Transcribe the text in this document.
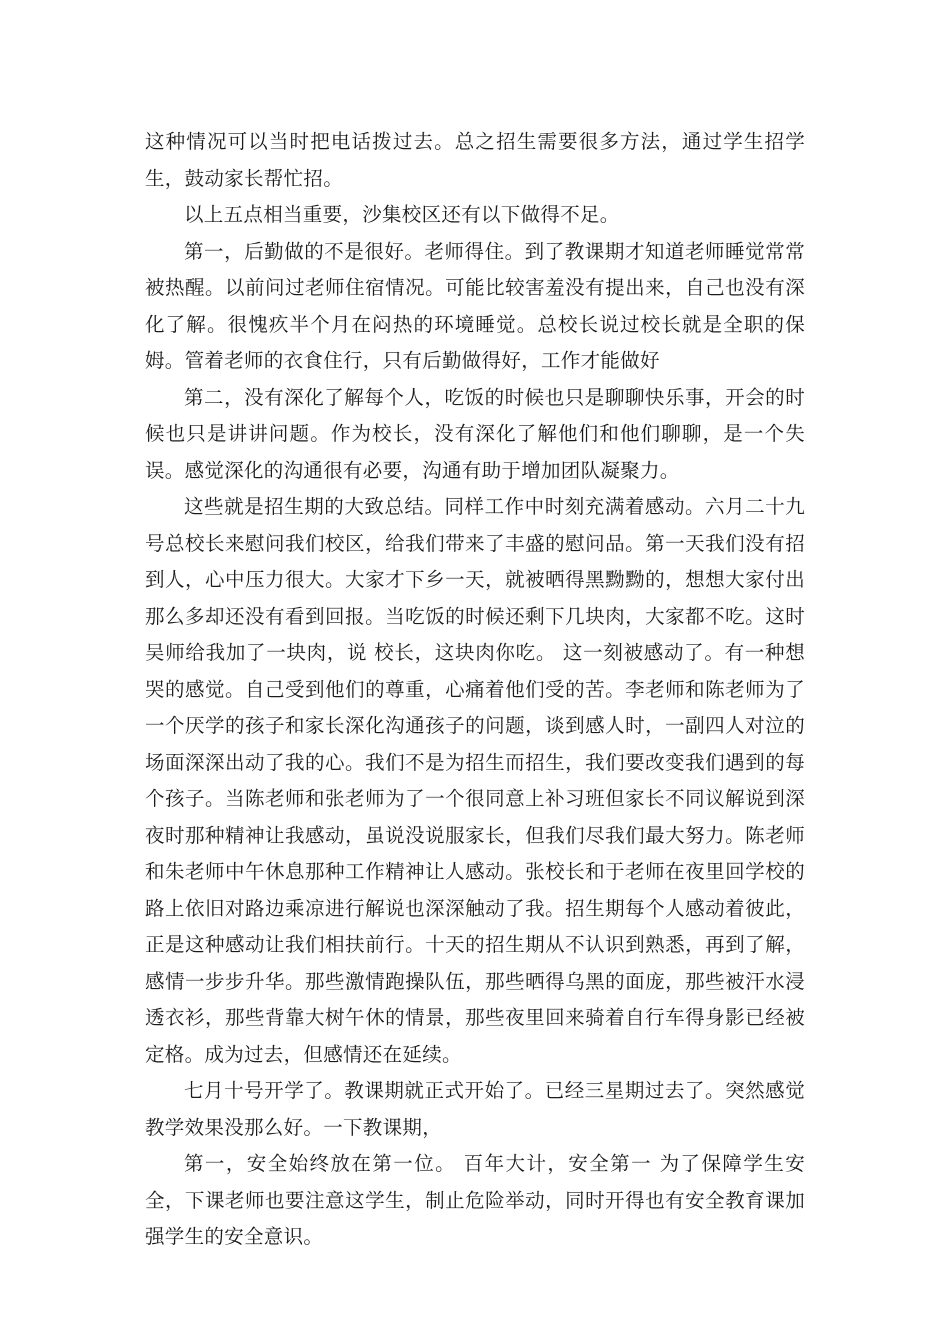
这种情况可以当时把电话拨过去。总之招生需要很多方法，通过学生招学生，鼓动家长帮忙招。

以上五点相当重要，沙集校区还有以下做得不足。

第一，后勤做的不是很好。老师得住。到了教课期才知道老师睡觉常常被热醒。以前问过老师住宿情况。可能比较害羞没有提出来，自己也没有深化了解。很愧疚半个月在闷热的环境睡觉。总校长说过校长就是全职的保姆。管着老师的衣食住行，只有后勤做得好，工作才能做好

第二，没有深化了解每个人，吃饭的时候也只是聊聊快乐事，开会的时候也只是讲讲问题。作为校长，没有深化了解他们和他们聊聊，是一个失误。感觉深化的沟通很有必要，沟通有助于增加团队凝聚力。

这些就是招生期的大致总结。同样工作中时刻充满着感动。六月二十九号总校长来慰问我们校区，给我们带来了丰盛的慰问品。第一天我们没有招到人，心中压力很大。大家才下乡一天，就被晒得黑黝黝的，想想大家付出那么多却还没有看到回报。当吃饭的时候还剩下几块肉，大家都不吃。这时吴师给我加了一块肉，说 校长，这块肉你吃。 这一刻被感动了。有一种想哭的感觉。自己受到他们的尊重，心痛着他们受的苦。李老师和陈老师为了一个厌学的孩子和家长深化沟通孩子的问题，谈到感人时，一副四人对泣的场面深深出动了我的心。我们不是为招生而招生，我们要改变我们遇到的每个孩子。当陈老师和张老师为了一个很同意上补习班但家长不同议解说到深夜时那种精神让我感动，虽说没说服家长，但我们尽我们最大努力。陈老师和朱老师中午休息那种工作精神让人感动。张校长和于老师在夜里回学校的路上依旧对路边乘凉进行解说也深深触动了我。招生期每个人感动着彼此，正是这种感动让我们相扶前行。十天的招生期从不认识到熟悉，再到了解，感情一步步升华。那些激情跑操队伍，那些晒得乌黑的面庞，那些被汗水浸透衣衫，那些背靠大树午休的情景，那些夜里回来骑着自行车得身影已经被定格。成为过去，但感情还在延续。

七月十号开学了。教课期就正式开始了。已经三星期过去了。突然感觉教学效果没那么好。一下教课期，

第一，安全始终放在第一位。 百年大计，安全第一 为了保障学生安全，下课老师也要注意这学生，制止危险举动，同时开得也有安全教育课加强学生的安全意识。
